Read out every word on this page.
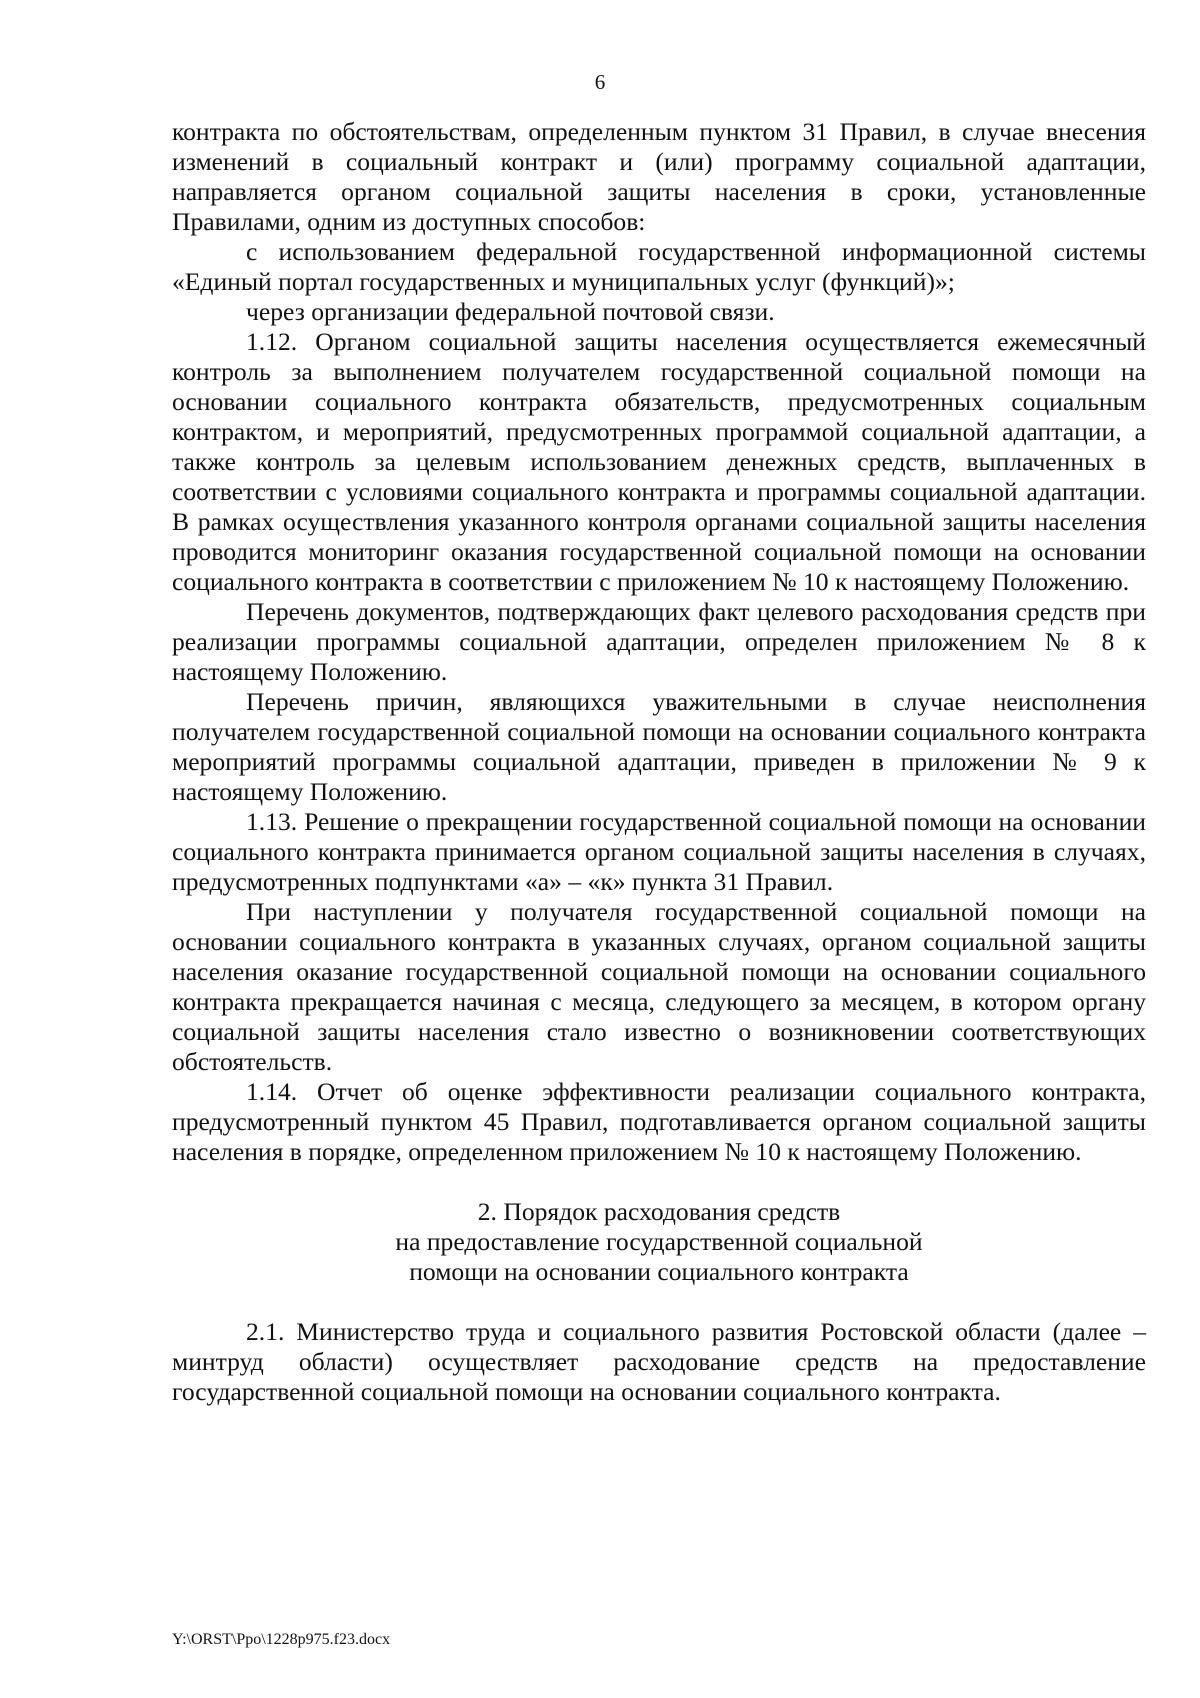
6

контракта по обстоятельствам, определенным пунктом 31 Правил, в случае внесения изменений в социальный контракт и (или) программу социальной адаптации, направляется органом социальной защиты населения в сроки, установленные Правилами, одним из доступных способов:

с использованием федеральной государственной информационной системы «Единый портал государственных и муниципальных услуг (функций)»;

через организации федеральной почтовой связи.

1.12. Органом социальной защиты населения осуществляется ежемесячный контроль за выполнением получателем государственной социальной помощи на основании социального контракта обязательств, предусмотренных социальным контрактом, и мероприятий, предусмотренных программой социальной адаптации, а также контроль за целевым использованием денежных средств, выплаченных в соответствии с условиями социального контракта и программы социальной адаптации. В рамках осуществления указанного контроля органами социальной защиты населения проводится мониторинг оказания государственной социальной помощи на основании социального контракта в соответствии с приложением № 10 к настоящему Положению.

Перечень документов, подтверждающих факт целевого расходования средств при реализации программы социальной адаптации, определен приложением № 8 к настоящему Положению.

Перечень причин, являющихся уважительными в случае неисполнения получателем государственной социальной помощи на основании социального контракта мероприятий программы социальной адаптации, приведен в приложении № 9 к настоящему Положению.

1.13. Решение о прекращении государственной социальной помощи на основании социального контракта принимается органом социальной защиты населения в случаях, предусмотренных подпунктами «а» – «к» пункта 31 Правил.

При наступлении у получателя государственной социальной помощи на основании социального контракта в указанных случаях, органом социальной защиты населения оказание государственной социальной помощи на основании социального контракта прекращается начиная с месяца, следующего за месяцем, в котором органу социальной защиты населения стало известно о возникновении соответствующих обстоятельств.

1.14. Отчет об оценке эффективности реализации социального контракта, предусмотренный пунктом 45 Правил, подготавливается органом социальной защиты населения в порядке, определенном приложением № 10 к настоящему Положению.

2. Порядок расходования средств
на предоставление государственной социальной
помощи на основании социального контракта

2.1. Министерство труда и социального развития Ростовской области (далее – минтруд области) осуществляет расходование средств на предоставление государственной социальной помощи на основании социального контракта.

Y:\ORST\Ppo\1228p975.f23.docx
